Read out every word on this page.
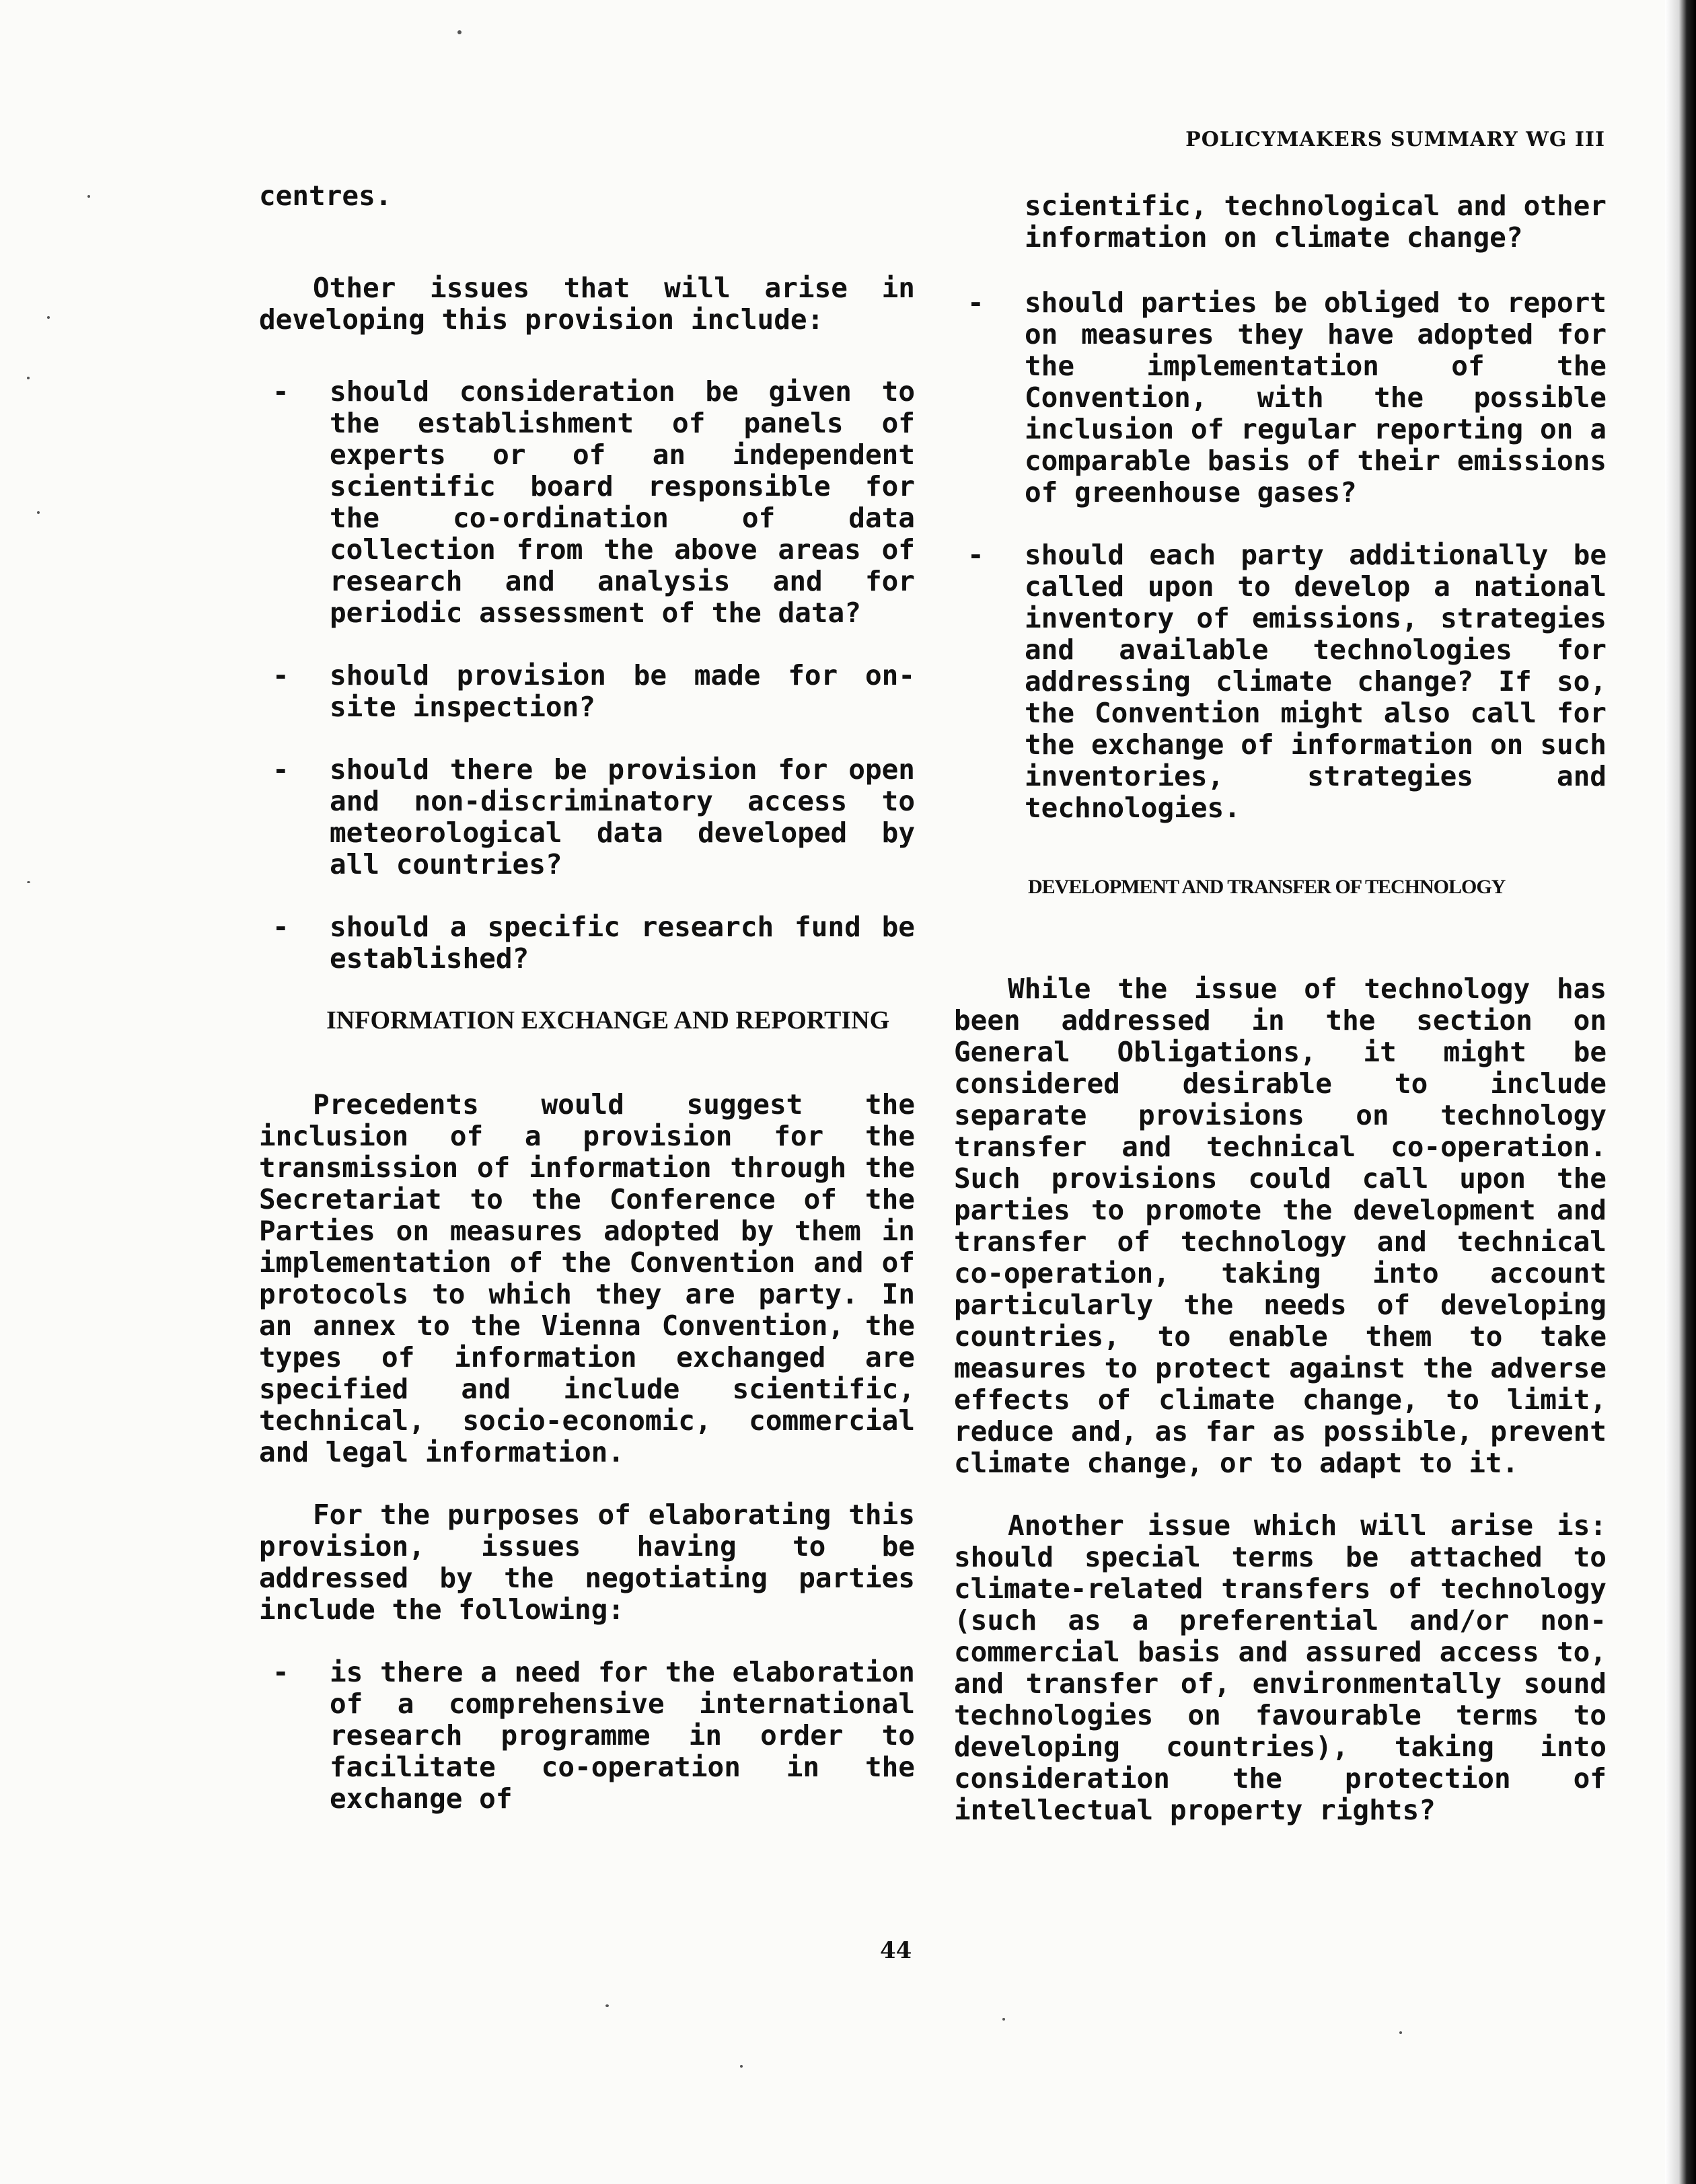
POLICYMAKERS SUMMARY WG III
centres.
Other issues that will arise in developing this provision include:
-	should consideration be given to the establishment of panels of experts or of an independent scientific board responsible for the co-ordination of data collection from the above areas of research and analysis and for periodic assessment of the data?
-	should provision be made for on-site inspection?
-	should there be provision for open and non-discriminatory access to meteorological data developed by all countries?
-	should a specific research fund be established?
INFORMATION EXCHANGE AND REPORTING
Precedents would suggest the inclusion of a provision for the transmission of information through the Secretariat to the Conference of the Parties on measures adopted by them in implementation of the Convention and of protocols to which they are party. In an annex to the Vienna Convention, the types of information exchanged are specified and include scientific, technical, socio-economic, commercial and legal information.
For the purposes of elaborating this provision, issues having to be addressed by the negotiating parties include the following:
-	is there a need for the elaboration of a comprehensive international research programme in order to facilitate co-operation in the exchange of
scientific, technological and other information on climate change?
-	should parties be obliged to report on measures they have adopted for the implementation of the Convention, with the possible inclusion of regular reporting on a comparable basis of their emissions of greenhouse gases?
-	should each party additionally be called upon to develop a national inventory of emissions, strategies and available technologies for addressing climate change? If so, the Convention might also call for the exchange of information on such inventories, strategies and technologies.
DEVELOPMENT AND TRANSFER OF TECHNOLOGY
While the issue of technology has been addressed in the section on General Obligations, it might be considered desirable to include separate provisions on technology transfer and technical co-operation. Such provisions could call upon the parties to promote the development and transfer of technology and technical co-operation, taking into account particularly the needs of developing countries, to enable them to take measures to protect against the adverse effects of climate change, to limit, reduce and, as far as possible, prevent climate change, or to adapt to it.
Another issue which will arise is: should special terms be attached to climate-related transfers of technology (such as a preferential and/or non-commercial basis and assured access to, and transfer of, environmentally sound technologies on favourable terms to developing countries), taking into consideration the protection of intellectual property rights?
44
